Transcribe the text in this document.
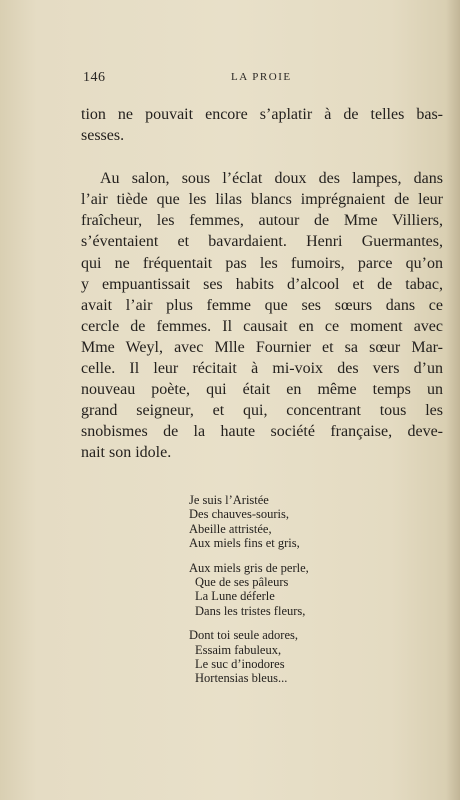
146	LA PROIE
tion ne pouvait encore s’aplatir à de telles bas-
sesses.
Au salon, sous l’éclat doux des lampes, dans
l’air tiède que les lilas blancs imprégnaient de leur
fraîcheur, les femmes, autour de Mme Villiers,
s’éventaient et bavardaient. Henri Guermantes,
qui ne fréquentait pas les fumoirs, parce qu’on
y empuantissait ses habits d’alcool et de tabac,
avait l’air plus femme que ses sœurs dans ce
cercle de femmes. Il causait en ce moment avec
Mme Weyl, avec Mlle Fournier et sa sœur Mar-
celle. Il leur récitait à mi-voix des vers d’un
nouveau poète, qui était en même temps un
grand seigneur, et qui, concentrant tous les
snobismes de la haute société française, deve-
nait son idole.
Je suis l’Aristée
Des chauves-souris,
Abeille attristée,
Aux miels fins et gris,
Aux miels gris de perle,
Que de ses pâleurs
La Lune déferle
Dans les tristes fleurs,
Dont toi seule adores,
Essaim fabuleux,
Le suc d’inodores
Hortensias bleus...
